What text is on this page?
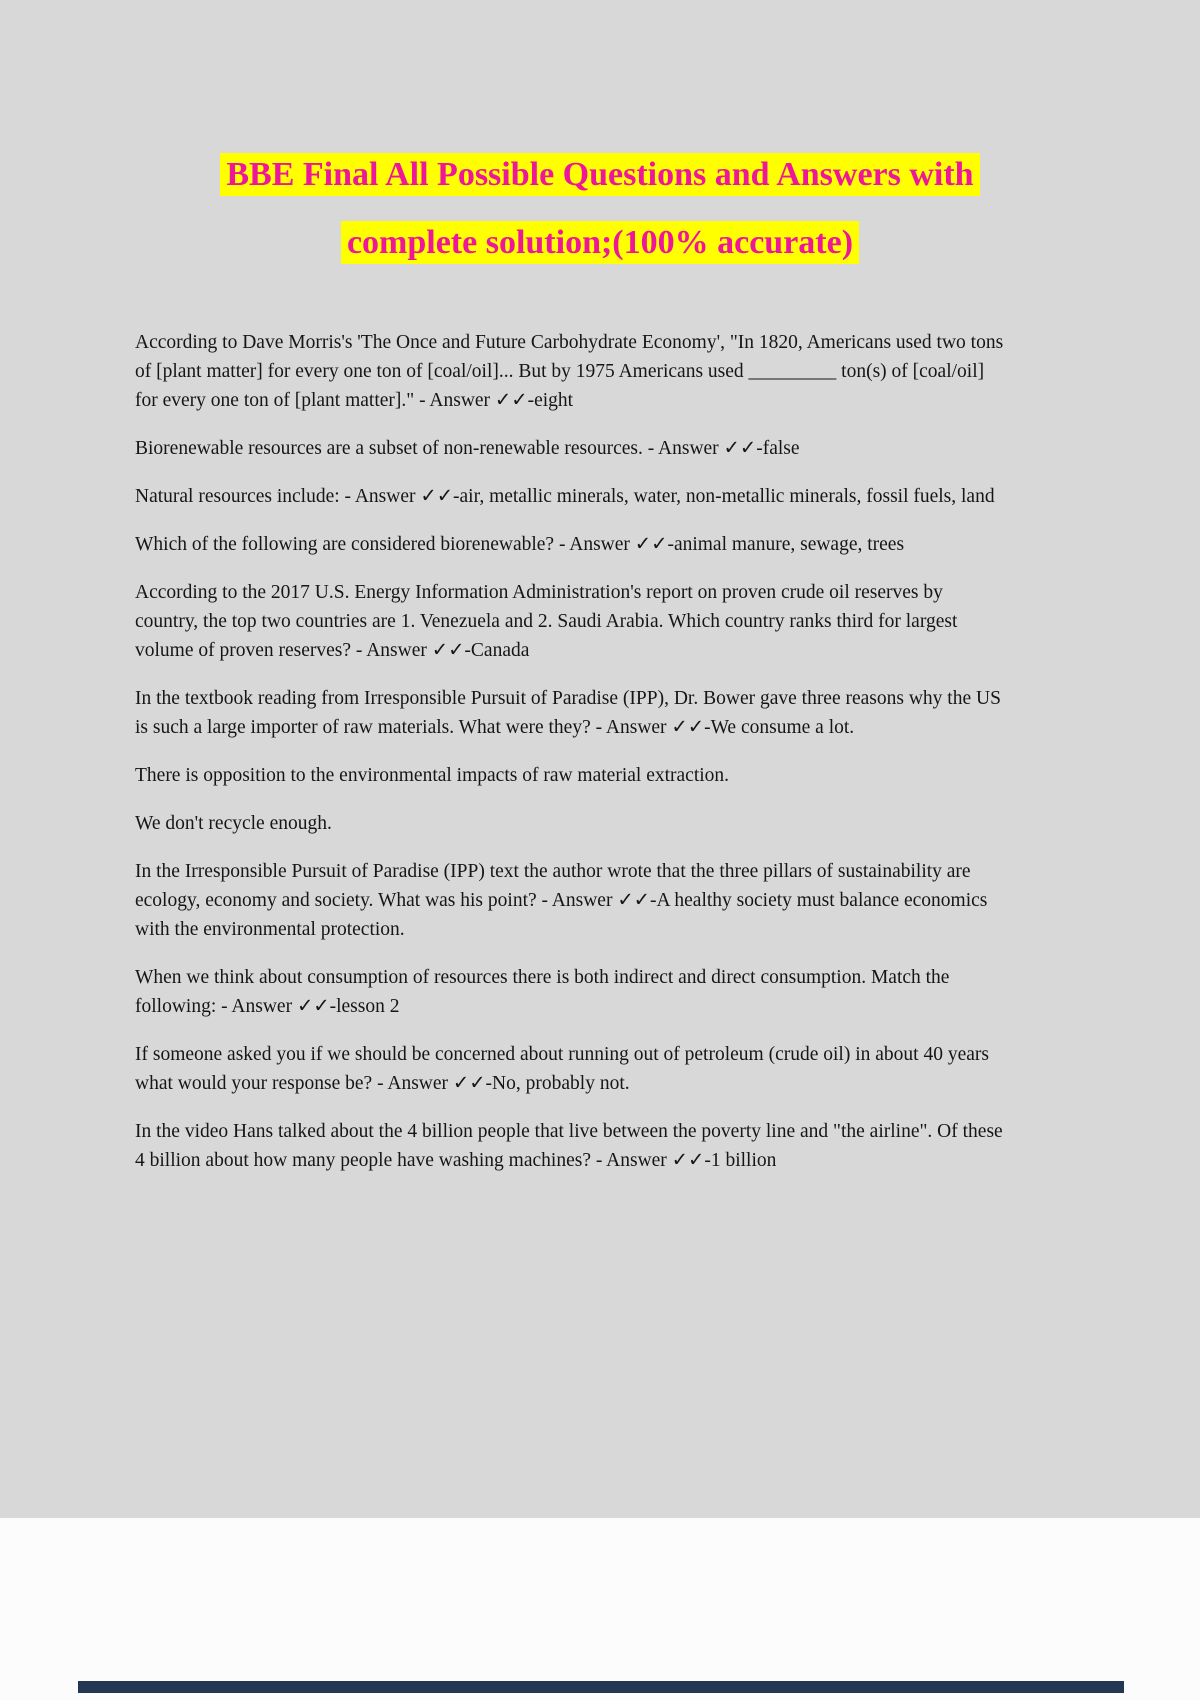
BBE Final All Possible Questions and Answers with
complete solution;(100% accurate)

According to Dave Morris's 'The Once and Future Carbohydrate Economy', "In 1820, Americans used two tons of [plant matter] for every one ton of [coal/oil]... But by 1975 Americans used _________ ton(s) of [coal/oil] for every one ton of [plant matter]." - Answer ✓✓-eight

Biorenewable resources are a subset of non-renewable resources. - Answer ✓✓-false

Natural resources include: - Answer ✓✓-air, metallic minerals, water, non-metallic minerals, fossil fuels, land

Which of the following are considered biorenewable? - Answer ✓✓-animal manure, sewage, trees

According to the 2017 U.S. Energy Information Administration's report on proven crude oil reserves by country, the top two countries are 1. Venezuela and 2. Saudi Arabia. Which country ranks third for largest volume of proven reserves? - Answer ✓✓-Canada

In the textbook reading from Irresponsible Pursuit of Paradise (IPP), Dr. Bower gave three reasons why the US is such a large importer of raw materials. What were they? - Answer ✓✓-We consume a lot.

There is opposition to the environmental impacts of raw material extraction.

We don't recycle enough.

In the Irresponsible Pursuit of Paradise (IPP) text the author wrote that the three pillars of sustainability are ecology, economy and society. What was his point? - Answer ✓✓-A healthy society must balance economics with the environmental protection.

When we think about consumption of resources there is both indirect and direct consumption. Match the following: - Answer ✓✓-lesson 2

If someone asked you if we should be concerned about running out of petroleum (crude oil) in about 40 years what would your response be? - Answer ✓✓-No, probably not.

In the video Hans talked about the 4 billion people that live between the poverty line and "the airline". Of these 4 billion about how many people have washing machines? - Answer ✓✓-1 billion
